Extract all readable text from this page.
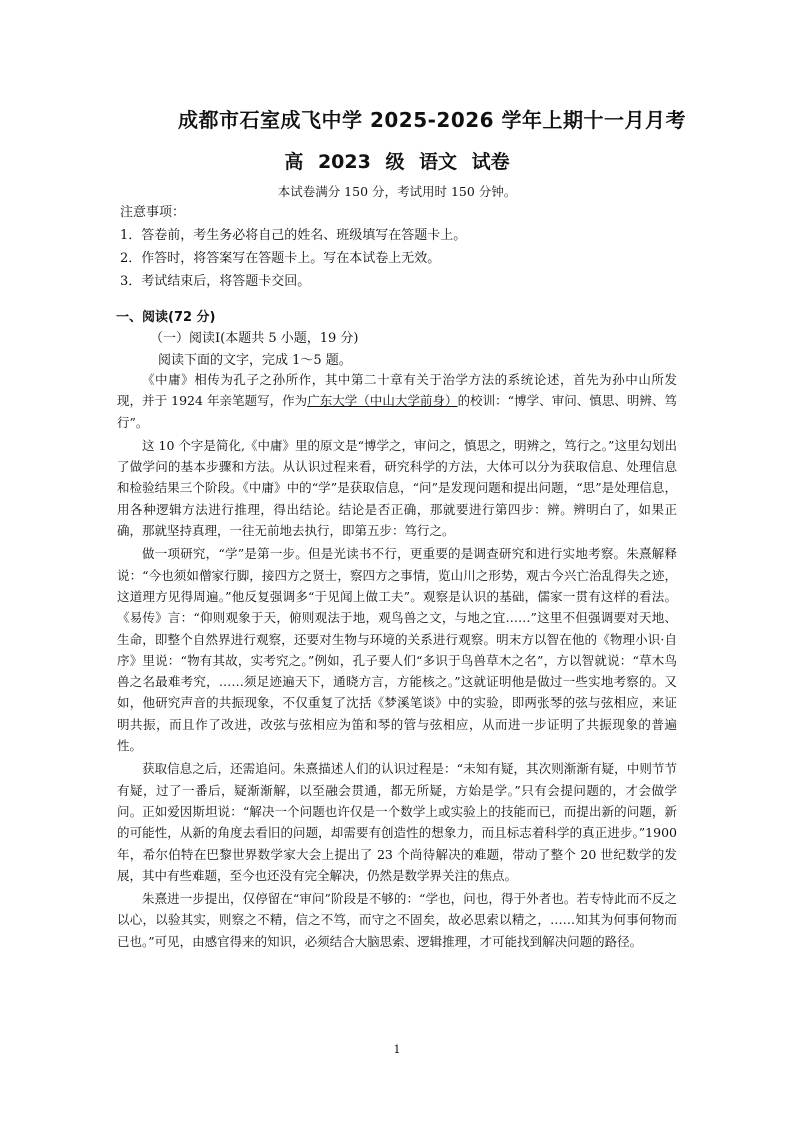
成都市石室成飞中学 2025-2026 学年上期十一月月考
高 2023 级 语文 试卷
本试卷满分 150 分，考试用时 150 分钟。
注意事项：
1．答卷前，考生务必将自己的姓名、班级填写在答题卡上。
2．作答时，将答案写在答题卡上。写在本试卷上无效。
3．考试结束后，将答题卡交回。
一、阅读(72 分)
（一）阅读Ⅰ(本题共 5 小题，19 分)
阅读下面的文字，完成 1～5 题。

《中庸》相传为孔子之孙所作，其中第二十章有关于治学方法的系统论述，首先为孙中山所发现，并于 1924 年亲笔题写，作为广东大学（中山大学前身）的校训：“博学、审问、慎思、明辨、笃行”。

这 10 个字是简化,《中庸》里的原文是“博学之，审问之，慎思之，明辨之，笃行之。”这里勾划出了做学问的基本步骤和方法。从认识过程来看，研究科学的方法，大体可以分为获取信息、处理信息和检验结果三个阶段。《中庸》中的“学”是获取信息，“问”是发现问题和提出问题，“思”是处理信息，用各种逻辑方法进行推理，得出结论。结论是否正确，那就要进行第四步：辨。辨明白了，如果正确，那就坚持真理，一往无前地去执行，即第五步：笃行之。

做一项研究，“学”是第一步。但是光读书不行，更重要的是调查研究和进行实地考察。朱熹解释说：“今也须如僧家行脚，接四方之贤士，察四方之事情，览山川之形势，观古今兴亡治乱得失之迹，这道理方见得周遍。”他反复强调多“于见闻上做工夫”。观察是认识的基础，儒家一贯有这样的看法。《易传》言：“仰则观象于天，俯则观法于地，观鸟兽之文，与地之宜……”这里不但强调要对天地、生命，即整个自然界进行观察，还要对生物与环境的关系进行观察。明末方以智在他的《物理小识·自序》里说：“物有其故，实考究之。”例如，孔子要人们“多识于鸟兽草木之名”，方以智就说：“草木鸟兽之名最难考究，……须足迹遍天下，通晓方言，方能核之。”这就证明他是做过一些实地考察的。又如，他研究声音的共振现象，不仅重复了沈括《梦溪笔谈》中的实验，即两张琴的弦与弦相应，来证明共振，而且作了改进，改弦与弦相应为笛和琴的管与弦相应，从而进一步证明了共振现象的普遍性。

获取信息之后，还需追问。朱熹描述人们的认识过程是：“未知有疑，其次则渐渐有疑，中则节节有疑，过了一番后，疑渐渐解，以至融会贯通，都无所疑，方始是学。”只有会提问题的，才会做学问。正如爱因斯坦说：“解决一个问题也许仅是一个数学上或实验上的技能而已，而提出新的问题，新的可能性，从新的角度去看旧的问题，却需要有创造性的想象力，而且标志着科学的真正进步。”1900 年，希尔伯特在巴黎世界数学家大会上提出了 23 个尚待解决的难题，带动了整个 20 世纪数学的发展，其中有些难题，至今也还没有完全解决，仍然是数学界关注的焦点。

朱熹进一步提出，仅停留在“审问”阶段是不够的：“学也，问也，得于外者也。若专恃此而不反之以心，以验其实，则察之不精，信之不笃，而守之不固矣，故必思索以精之，……知其为何事何物而已也。”可见，由感官得来的知识，必须结合大脑思索、逻辑推理，才可能找到解决问题的路径。

1
